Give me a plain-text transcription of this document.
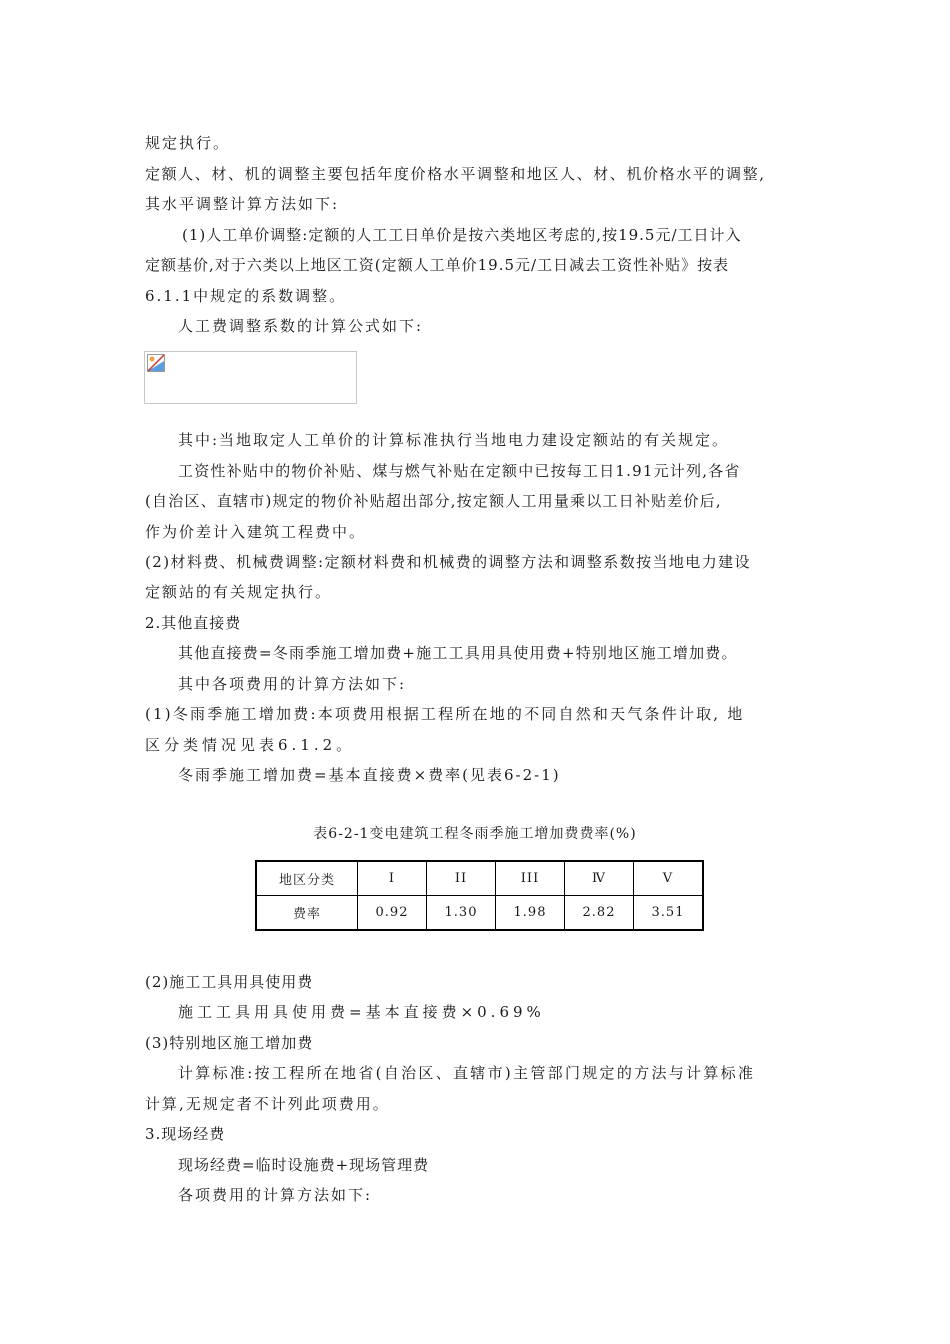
规定执行。
定额人、材、机的调整主要包括年度价格水平调整和地区人、材、机价格水平的调整,
其水平调整计算方法如下:
(1)人工单价调整:定额的人工工日单价是按六类地区考虑的,按19.5元/工日计入
定额基价,对于六类以上地区工资(定额人工单价19.5元/工日减去工资性补贴》按表
6.1.1中规定的系数调整。
人工费调整系数的计算公式如下:
其中:当地取定人工单价的计算标准执行当地电力建设定额站的有关规定。
工资性补贴中的物价补贴、煤与燃气补贴在定额中已按每工日1.91元计列,各省
(自治区、直辖市)规定的物价补贴超出部分,按定额人工用量乘以工日补贴差价后,
作为价差计入建筑工程费中。
(2)材料费、机械费调整:定额材料费和机械费的调整方法和调整系数按当地电力建设
定额站的有关规定执行。
2.其他直接费
其他直接费=冬雨季施工增加费+施工工具用具使用费+特别地区施工增加费。
其中各项费用的计算方法如下:
(1)冬雨季施工增加费:本项费用根据工程所在地的不同自然和天气条件计取, 地
区分类情况见表6.1.2。
冬雨季施工增加费=基本直接费×费率(见表6-2-1)
表6-2-1变电建筑工程冬雨季施工增加费费率(%)
地区分类	I	II	III	Ⅳ	V
费率	0.92	1.30	1.98	2.82	3.51
(2)施工工具用具使用费
施工工具用具使用费=基本直接费×0.69%
(3)特别地区施工增加费
计算标准:按工程所在地省(自治区、直辖市)主管部门规定的方法与计算标准
计算,无规定者不计列此项费用。
3.现场经费
现场经费=临时设施费+现场管理费
各项费用的计算方法如下:
